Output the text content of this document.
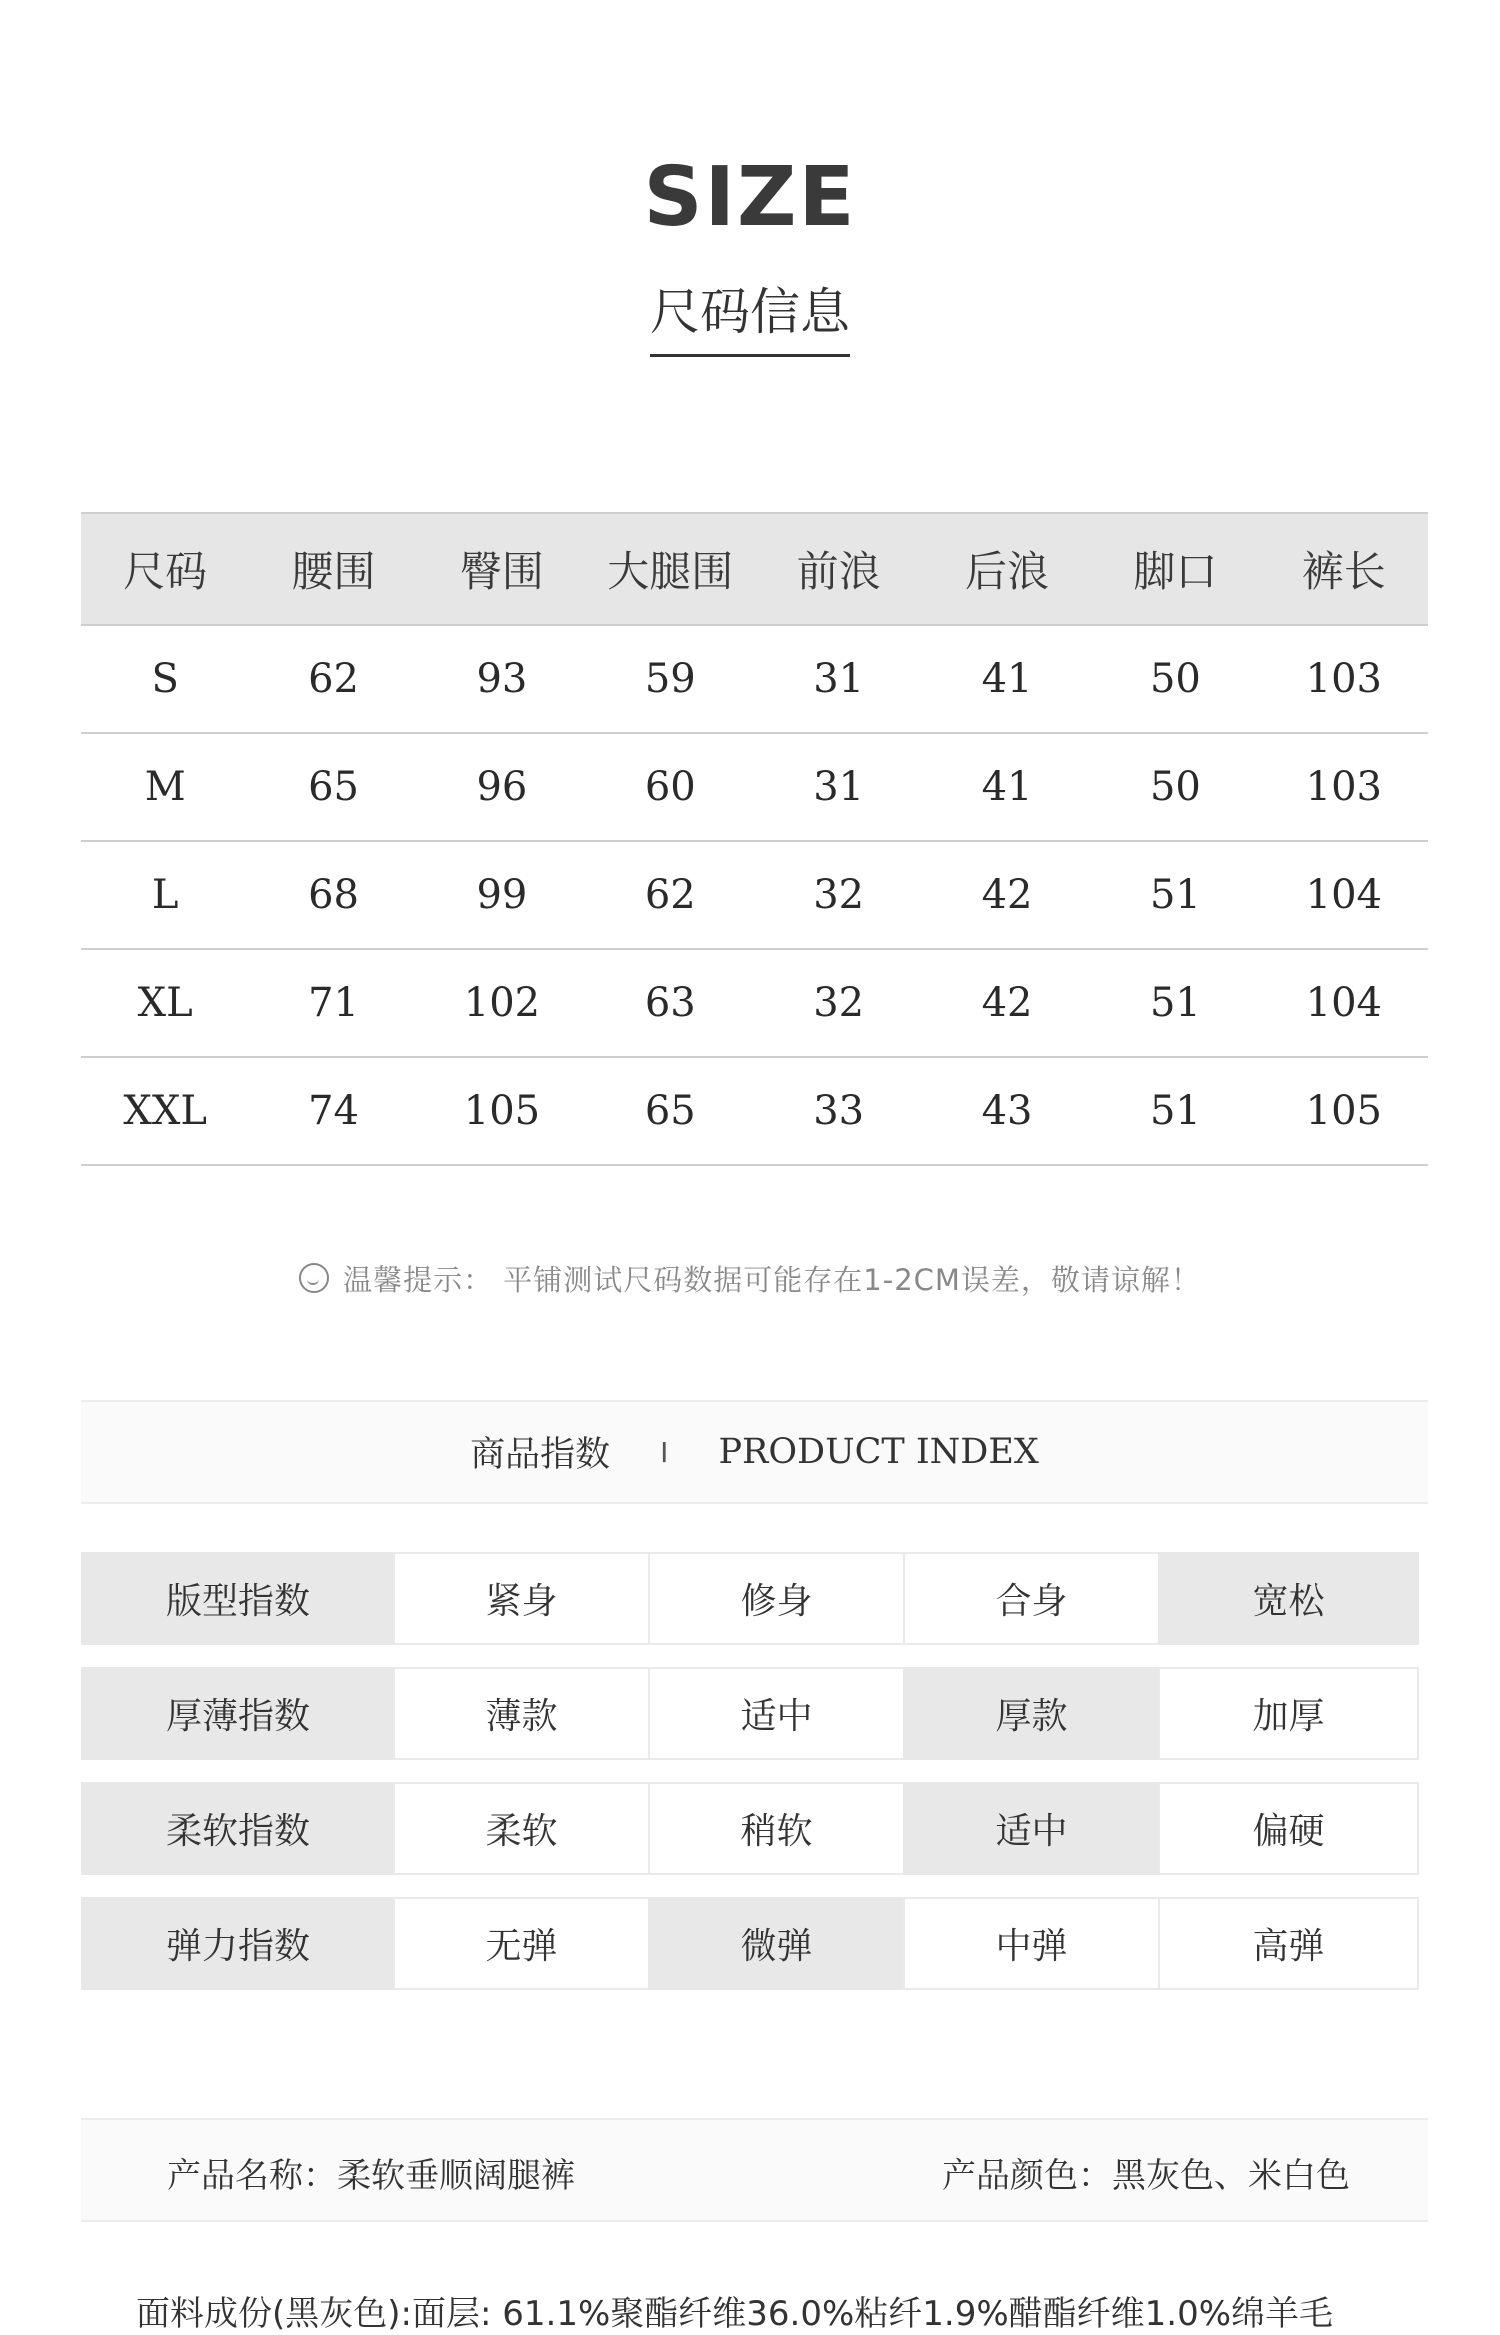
SIZE
尺码信息
尺码	腰围	臀围	大腿围	前浪	后浪	脚口	裤长
S	62	93	59	31	41	50	103
M	65	96	60	31	41	50	103
L	68	99	62	32	42	51	104
XL	71	102	63	32	42	51	104
XXL	74	105	65	33	43	51	105
温馨提示： 平铺测试尺码数据可能存在1-2CM误差，敬请谅解！
商品指数 I PRODUCT INDEX
版型指数	紧身	修身	合身	宽松
厚薄指数	薄款	适中	厚款	加厚
柔软指数	柔软	稍软	适中	偏硬
弹力指数	无弹	微弹	中弹	高弹
产品名称：柔软垂顺阔腿裤	产品颜色：黑灰色、米白色
面料成份(黑灰色):面层: 61.1%聚酯纤维36.0%粘纤1.9%醋酯纤维1.0%绵羊毛
